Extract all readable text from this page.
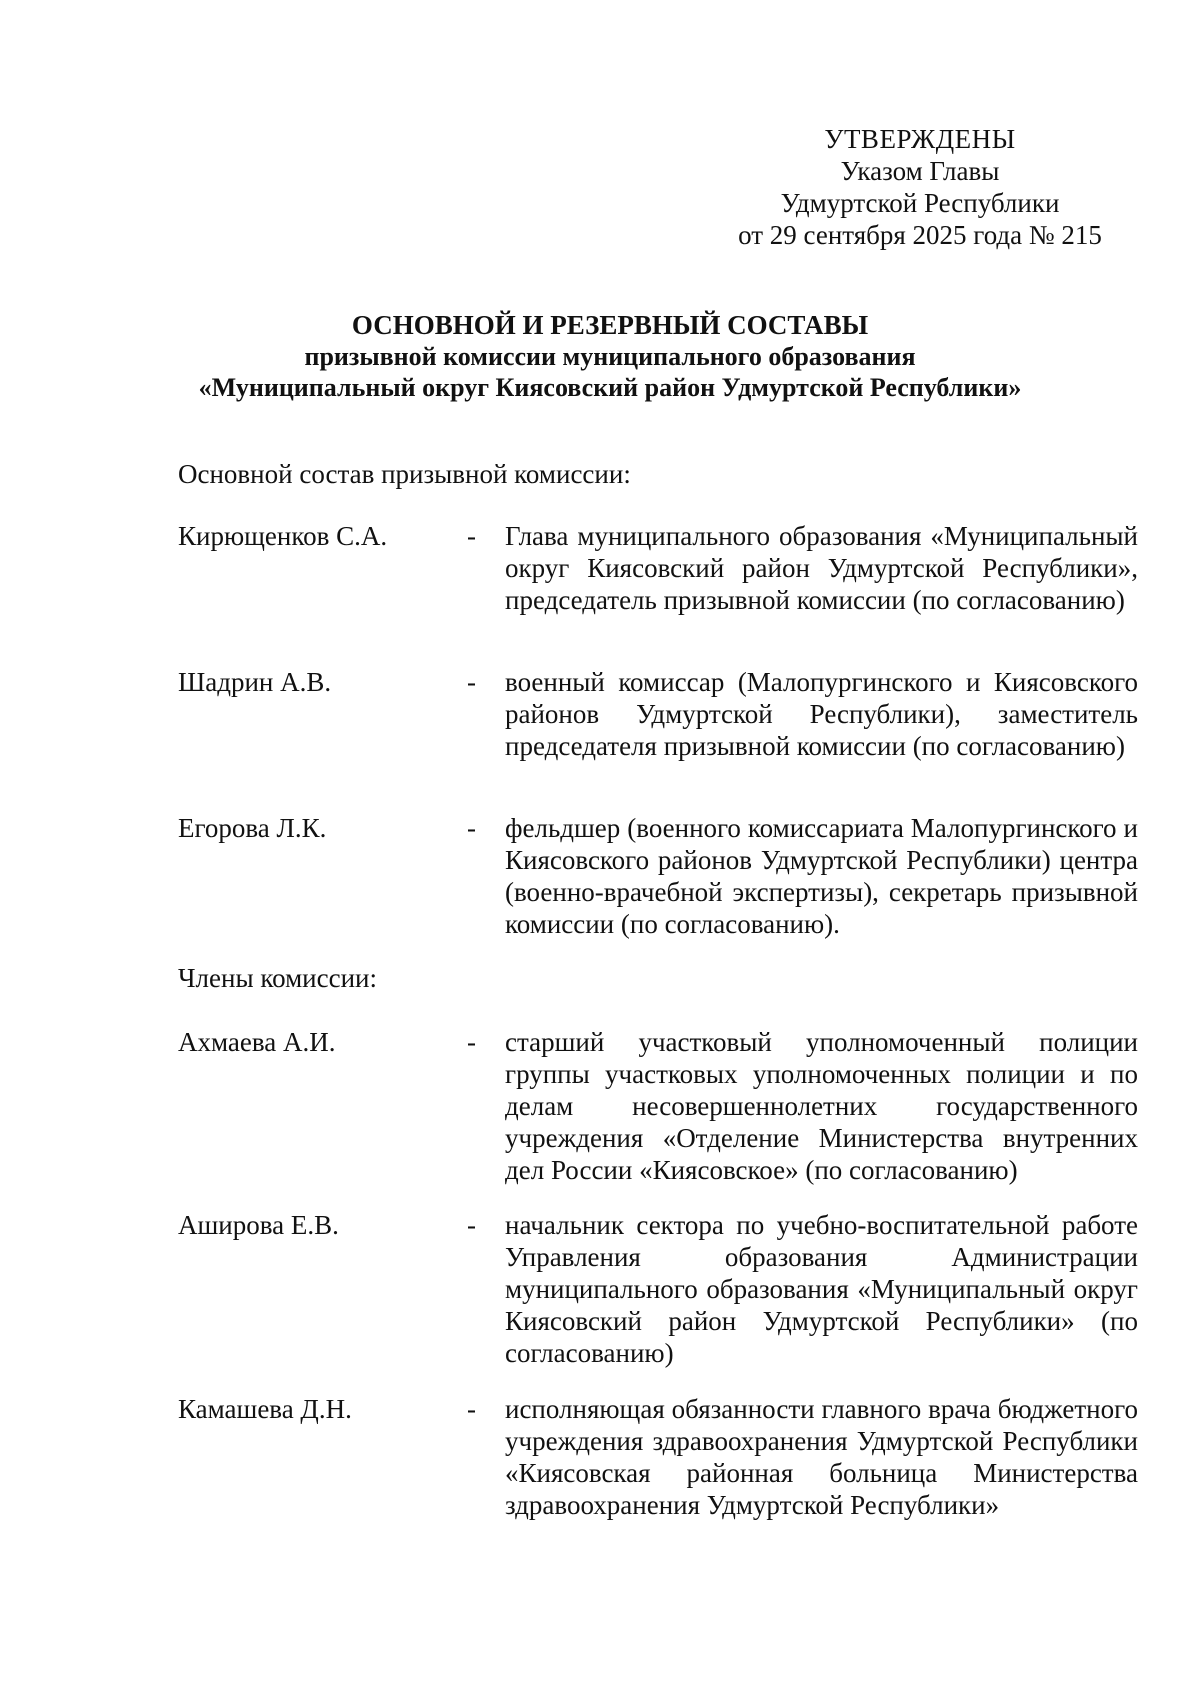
УТВЕРЖДЕНЫ
Указом Главы
Удмуртской Республики
от 29 сентября 2025 года № 215
ОСНОВНОЙ И РЕЗЕРВНЫЙ СОСТАВЫ
призывной комиссии муниципального образования
«Муниципальный округ Киясовский район Удмуртской Республики»
Основной состав призывной комиссии:
Кирющенков С.А.	- Глава муниципального образования «Муниципальный округ Киясовский район Удмуртской Республики», председатель призывной комиссии (по согласованию)
Шадрин А.В.	- военный комиссар (Малопургинского и Киясовского районов Удмуртской Республики), заместитель председателя призывной комиссии (по согласованию)
Егорова Л.К.	- фельдшер (военного комиссариата Малопургинского и Киясовского районов Удмуртской Республики) центра (военно-врачебной экспертизы), секретарь призывной комиссии (по согласованию).
Члены комиссии:
Ахмаева А.И.	- старший участковый уполномоченный полиции группы участковых уполномоченных полиции и по делам несовершеннолетних государственного учреждения «Отделение Министерства внутренних дел России «Киясовское» (по согласованию)
Аширова Е.В.	- начальник сектора по учебно-воспитательной работе Управления образования Администрации муниципального образования «Муниципальный округ Киясовский район Удмуртской Республики» (по согласованию)
Камашева Д.Н.	- исполняющая обязанности главного врача бюджетного учреждения здравоохранения Удмуртской Республики «Киясовская районная больница Министерства здравоохранения Удмуртской Республики»
